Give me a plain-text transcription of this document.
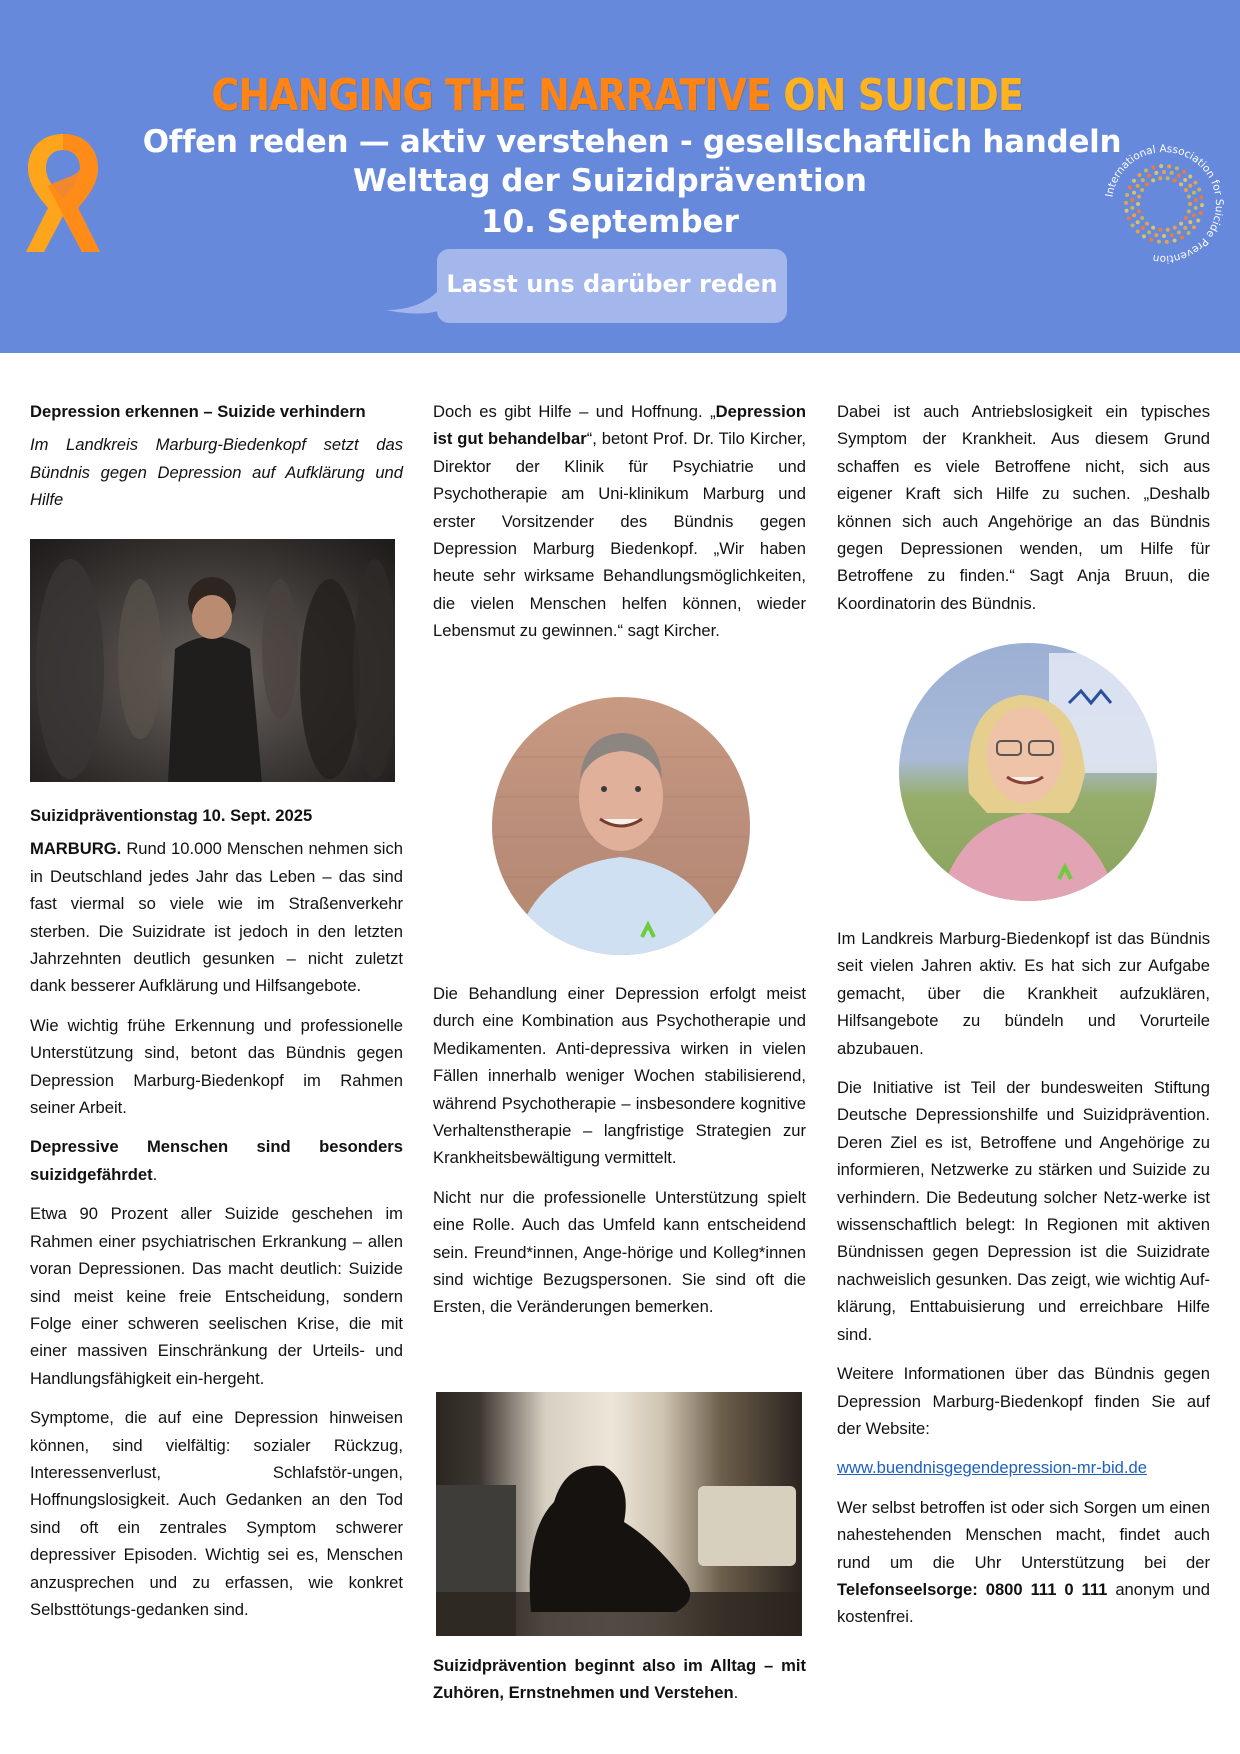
CHANGING THE NARRATIVE ON SUICIDE
Offen reden — aktiv verstehen - gesellschaftlich handeln
Welttag der Suizidprävention
10. September
Lasst uns darüber reden
International Association for Suicide Prevention

Depression erkennen – Suizide verhindern

Im Landkreis Marburg-Biedenkopf setzt das Bündnis gegen Depression auf Aufklärung und Hilfe

Suizidpräventionstag 10. Sept. 2025

MARBURG. Rund 10.000 Menschen nehmen sich in Deutschland jedes Jahr das Leben – das sind fast viermal so viele wie im Straßenverkehr sterben. Die Suizidrate ist jedoch in den letzten Jahrzehnten deutlich gesunken – nicht zuletzt dank besserer Aufklärung und Hilfsangebote.

Wie wichtig frühe Erkennung und professionelle Unterstützung sind, betont das Bündnis gegen Depression Marburg-Biedenkopf im Rahmen seiner Arbeit.

Depressive Menschen sind besonders suizidgefährdet.

Etwa 90 Prozent aller Suizide geschehen im Rahmen einer psychiatrischen Erkrankung – allen voran Depressionen. Das macht deutlich: Suizide sind meist keine freie Entscheidung, sondern Folge einer schweren seelischen Krise, die mit einer massiven Einschränkung der Urteils- und Handlungsfähigkeit ein-hergeht.

Symptome, die auf eine Depression hinweisen können, sind vielfältig: sozialer Rückzug, Interessenverlust, Schlafstör-ungen, Hoffnungslosigkeit. Auch Gedanken an den Tod sind oft ein zentrales Symptom schwerer depressiver Episoden. Wichtig sei es, Menschen anzusprechen und zu erfassen, wie konkret Selbsttötungs-gedanken sind.

Doch es gibt Hilfe – und Hoffnung. „Depression ist gut behandelbar“, betont Prof. Dr. Tilo Kircher, Direktor der Klinik für Psychiatrie und Psychotherapie am Uni-klinikum Marburg und erster Vorsitzender des Bündnis gegen Depression Marburg Biedenkopf. „Wir haben heute sehr wirksame Behandlungsmöglichkeiten, die vielen Menschen helfen können, wieder Lebensmut zu gewinnen.“ sagt Kircher.

Die Behandlung einer Depression erfolgt meist durch eine Kombination aus Psychotherapie und Medikamenten. Anti-depressiva wirken in vielen Fällen innerhalb weniger Wochen stabilisierend, während Psychotherapie – insbesondere kognitive Verhaltenstherapie – langfristige Strategien zur Krankheitsbewältigung vermittelt.

Nicht nur die professionelle Unterstützung spielt eine Rolle. Auch das Umfeld kann entscheidend sein. Freund*innen, Ange-hörige und Kolleg*innen sind wichtige Bezugspersonen. Sie sind oft die Ersten, die Veränderungen bemerken.

Suizidprävention beginnt also im Alltag – mit Zuhören, Ernstnehmen und Verstehen.

Dabei ist auch Antriebslosigkeit ein typisches Symptom der Krankheit. Aus diesem Grund schaffen es viele Betroffene nicht, sich aus eigener Kraft sich Hilfe zu suchen. „Deshalb können sich auch Angehörige an das Bündnis gegen Depressionen wenden, um Hilfe für Betroffene zu finden.“ Sagt Anja Bruun, die Koordinatorin des Bündnis.

Im Landkreis Marburg-Biedenkopf ist das Bündnis seit vielen Jahren aktiv. Es hat sich zur Aufgabe gemacht, über die Krankheit aufzuklären, Hilfsangebote zu bündeln und Vorurteile abzubauen.

Die Initiative ist Teil der bundesweiten Stiftung Deutsche Depressionshilfe und Suizidprävention. Deren Ziel es ist, Betroffene und Angehörige zu informieren, Netzwerke zu stärken und Suizide zu verhindern. Die Bedeutung solcher Netz-werke ist wissenschaftlich belegt: In Regionen mit aktiven Bündnissen gegen Depression ist die Suizidrate nachweislich gesunken. Das zeigt, wie wichtig Auf-klärung, Enttabuisierung und erreichbare Hilfe sind.

Weitere Informationen über das Bündnis gegen Depression Marburg-Biedenkopf finden Sie auf der Website:

www.buendnisgegendepression-mr-bid.de

Wer selbst betroffen ist oder sich Sorgen um einen nahestehenden Menschen macht, findet auch rund um die Uhr Unterstützung bei der Telefonseelsorge: 0800 111 0 111 anonym und kostenfrei.
